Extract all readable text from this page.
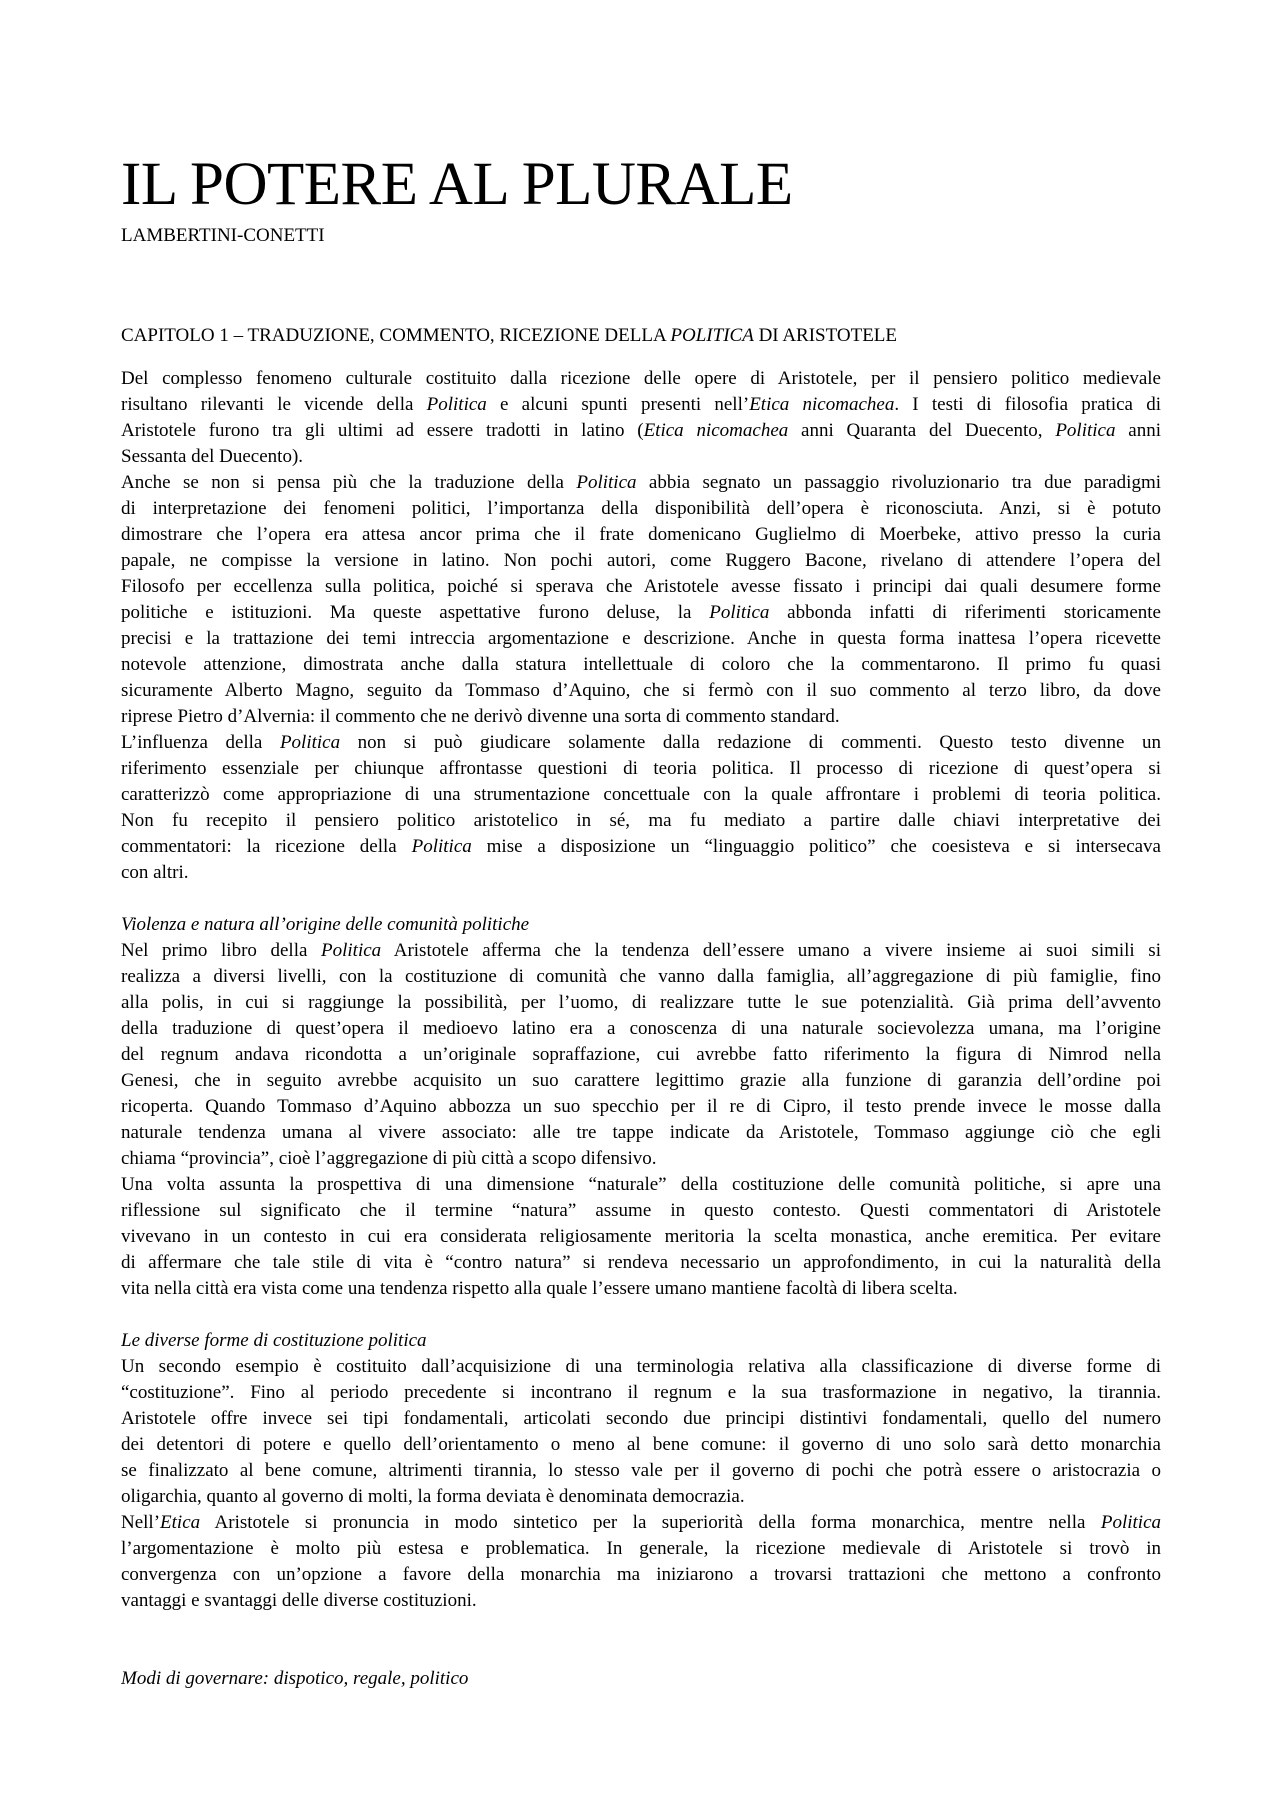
IL POTERE AL PLURALE
LAMBERTINI-CONETTI
CAPITOLO 1 – TRADUZIONE, COMMENTO, RICEZIONE DELLA POLITICA DI ARISTOTELE
Del complesso fenomeno culturale costituito dalla ricezione delle opere di Aristotele, per il pensiero politico medievale
risultano rilevanti le vicende della Politica e alcuni spunti presenti nell’Etica nicomachea. I testi di filosofia pratica di
Aristotele furono tra gli ultimi ad essere tradotti in latino (Etica nicomachea anni Quaranta del Duecento, Politica anni
Sessanta del Duecento).
Anche se non si pensa più che la traduzione della Politica abbia segnato un passaggio rivoluzionario tra due paradigmi
di interpretazione dei fenomeni politici, l’importanza della disponibilità dell’opera è riconosciuta. Anzi, si è potuto
dimostrare che l’opera era attesa ancor prima che il frate domenicano Guglielmo di Moerbeke, attivo presso la curia
papale, ne compisse la versione in latino. Non pochi autori, come Ruggero Bacone, rivelano di attendere l’opera del
Filosofo per eccellenza sulla politica, poiché si sperava che Aristotele avesse fissato i principi dai quali desumere forme
politiche e istituzioni. Ma queste aspettative furono deluse, la Politica abbonda infatti di riferimenti storicamente
precisi e la trattazione dei temi intreccia argomentazione e descrizione. Anche in questa forma inattesa l’opera ricevette
notevole attenzione, dimostrata anche dalla statura intellettuale di coloro che la commentarono. Il primo fu quasi
sicuramente Alberto Magno, seguito da Tommaso d’Aquino, che si fermò con il suo commento al terzo libro, da dove
riprese Pietro d’Alvernia: il commento che ne derivò divenne una sorta di commento standard.
L’influenza della Politica non si può giudicare solamente dalla redazione di commenti. Questo testo divenne un
riferimento essenziale per chiunque affrontasse questioni di teoria politica. Il processo di ricezione di quest’opera si
caratterizzò come appropriazione di una strumentazione concettuale con la quale affrontare i problemi di teoria politica.
Non fu recepito il pensiero politico aristotelico in sé, ma fu mediato a partire dalle chiavi interpretative dei
commentatori: la ricezione della Politica mise a disposizione un “linguaggio politico” che coesisteva e si intersecava
con altri.
Violenza e natura all’origine delle comunità politiche
Nel primo libro della Politica Aristotele afferma che la tendenza dell’essere umano a vivere insieme ai suoi simili si
realizza a diversi livelli, con la costituzione di comunità che vanno dalla famiglia, all’aggregazione di più famiglie, fino
alla polis, in cui si raggiunge la possibilità, per l’uomo, di realizzare tutte le sue potenzialità. Già prima dell’avvento
della traduzione di quest’opera il medioevo latino era a conoscenza di una naturale socievolezza umana, ma l’origine
del regnum andava ricondotta a un’originale sopraffazione, cui avrebbe fatto riferimento la figura di Nimrod nella
Genesi, che in seguito avrebbe acquisito un suo carattere legittimo grazie alla funzione di garanzia dell’ordine poi
ricoperta. Quando Tommaso d’Aquino abbozza un suo specchio per il re di Cipro, il testo prende invece le mosse dalla
naturale tendenza umana al vivere associato: alle tre tappe indicate da Aristotele, Tommaso aggiunge ciò che egli
chiama “provincia”, cioè l’aggregazione di più città a scopo difensivo.
Una volta assunta la prospettiva di una dimensione “naturale” della costituzione delle comunità politiche, si apre una
riflessione sul significato che il termine “natura” assume in questo contesto. Questi commentatori di Aristotele
vivevano in un contesto in cui era considerata religiosamente meritoria la scelta monastica, anche eremitica. Per evitare
di affermare che tale stile di vita è “contro natura” si rendeva necessario un approfondimento, in cui la naturalità della
vita nella città era vista come una tendenza rispetto alla quale l’essere umano mantiene facoltà di libera scelta.
Le diverse forme di costituzione politica
Un secondo esempio è costituito dall’acquisizione di una terminologia relativa alla classificazione di diverse forme di
“costituzione”. Fino al periodo precedente si incontrano il regnum e la sua trasformazione in negativo, la tirannia.
Aristotele offre invece sei tipi fondamentali, articolati secondo due principi distintivi fondamentali, quello del numero
dei detentori di potere e quello dell’orientamento o meno al bene comune: il governo di uno solo sarà detto monarchia
se finalizzato al bene comune, altrimenti tirannia, lo stesso vale per il governo di pochi che potrà essere o aristocrazia o
oligarchia, quanto al governo di molti, la forma deviata è denominata democrazia.
Nell’Etica Aristotele si pronuncia in modo sintetico per la superiorità della forma monarchica, mentre nella Politica
l’argomentazione è molto più estesa e problematica. In generale, la ricezione medievale di Aristotele si trovò in
convergenza con un’opzione a favore della monarchia ma iniziarono a trovarsi trattazioni che mettono a confronto
vantaggi e svantaggi delle diverse costituzioni.
Modi di governare: dispotico, regale, politico
